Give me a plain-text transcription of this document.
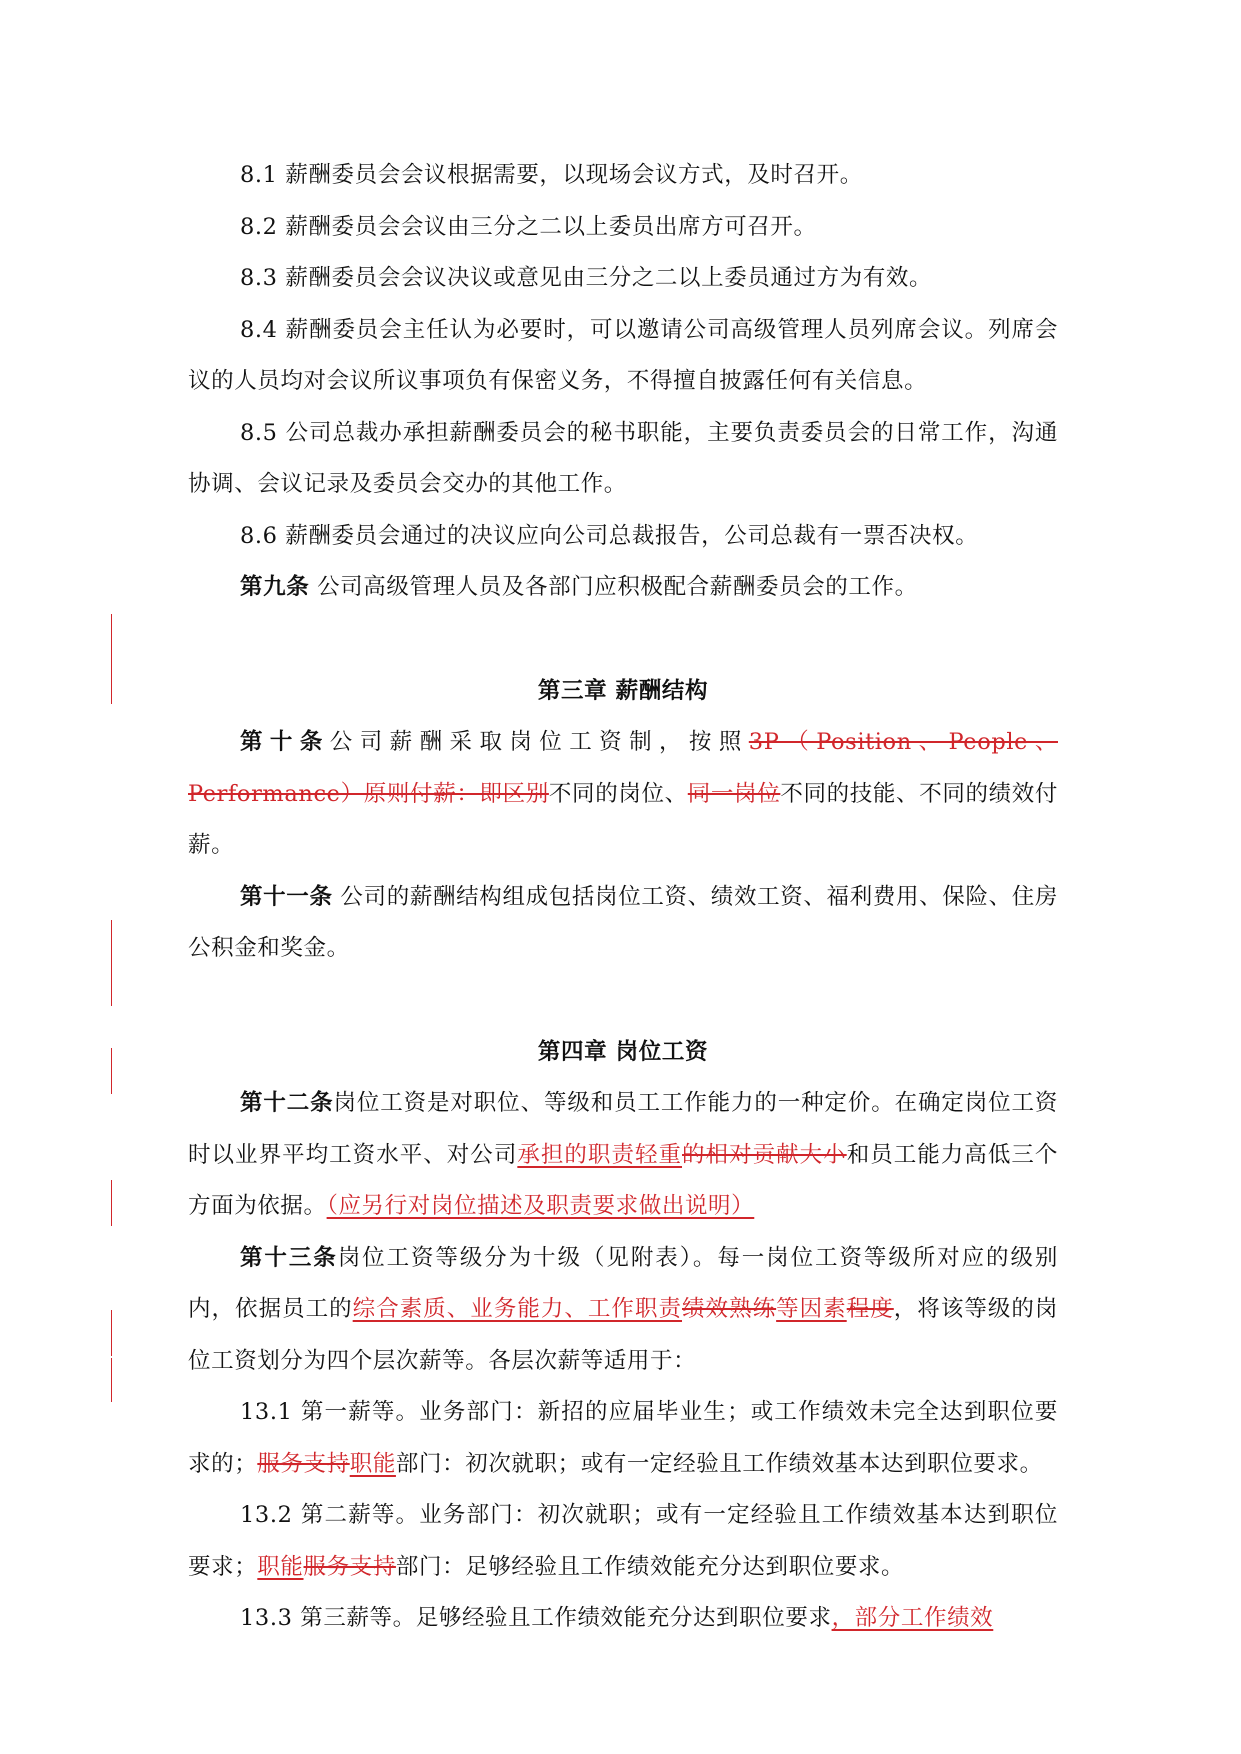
8.1 薪酬委员会会议根据需要，以现场会议方式，及时召开。

8.2 薪酬委员会会议由三分之二以上委员出席方可召开。

8.3 薪酬委员会会议决议或意见由三分之二以上委员通过方为有效。

8.4 薪酬委员会主任认为必要时，可以邀请公司高级管理人员列席会议。列席会议的人员均对会议所议事项负有保密义务，不得擅自披露任何有关信息。

8.5 公司总裁办承担薪酬委员会的秘书职能，主要负责委员会的日常工作，沟通协调、会议记录及委员会交办的其他工作。

8.6 薪酬委员会通过的决议应向公司总裁报告，公司总裁有一票否决权。

第九条 公司高级管理人员及各部门应积极配合薪酬委员会的工作。

第三章 薪酬结构

第十条公司薪酬采取岗位工资制，按照3P（Position、People、Performance）原则付薪：即区别不同的岗位、同一岗位不同的技能、不同的绩效付薪。

第十一条 公司的薪酬结构组成包括岗位工资、绩效工资、福利费用、保险、住房公积金和奖金。

第四章 岗位工资

第十二条岗位工资是对职位、等级和员工工作能力的一种定价。在确定岗位工资时以业界平均工资水平、对公司承担的职责轻重的相对贡献大小和员工能力高低三个方面为依据。（应另行对岗位描述及职责要求做出说明）

第十三条岗位工资等级分为十级（见附表）。每一岗位工资等级所对应的级别内，依据员工的综合素质、业务能力、工作职责绩效熟练等因素程度，将该等级的岗位工资划分为四个层次薪等。各层次薪等适用于：

13.1 第一薪等。业务部门：新招的应届毕业生；或工作绩效未完全达到职位要求的；服务支持职能部门：初次就职；或有一定经验且工作绩效基本达到职位要求。

13.2 第二薪等。业务部门：初次就职；或有一定经验且工作绩效基本达到职位要求；职能服务支持部门：足够经验且工作绩效能充分达到职位要求。

13.3 第三薪等。足够经验且工作绩效能充分达到职位要求，部分工作绩效
